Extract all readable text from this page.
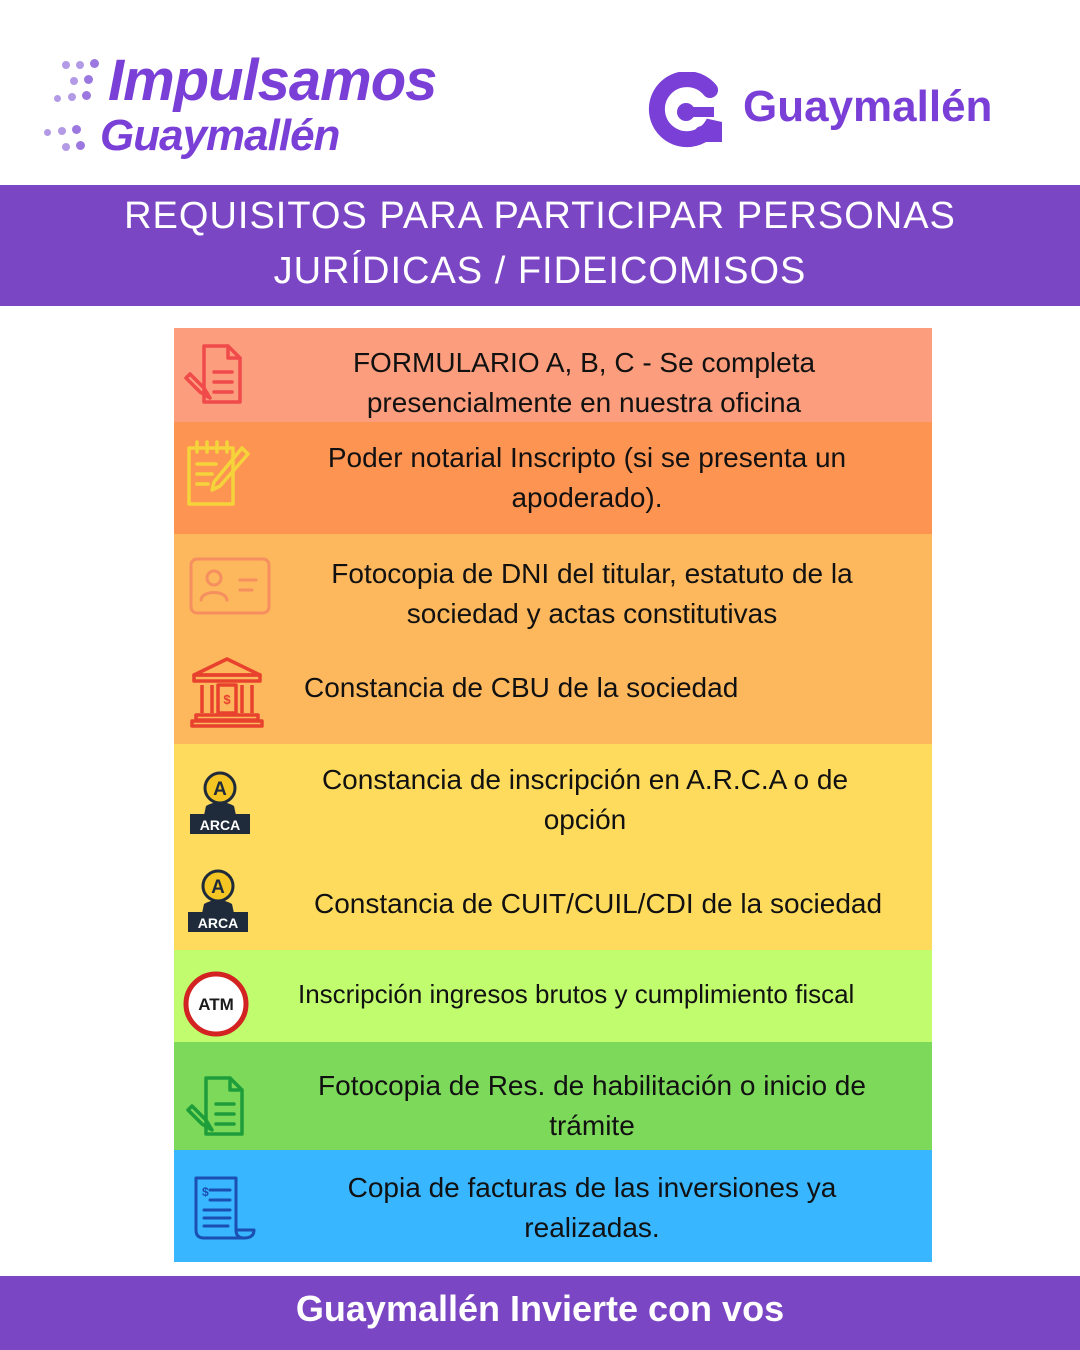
Impulsamos
Guaymallén
Guaymallén
REQUISITOS PARA PARTICIPAR PERSONAS
JURÍDICAS / FIDEICOMISOS
FORMULARIO A, B, C - Se completa presencialmente en nuestra oficina
Poder notarial Inscripto (si se presenta un apoderado).
Fotocopia de DNI del titular, estatuto de la sociedad y actas constitutivas
$	Constancia de CBU de la sociedad
A
ARCA
Constancia de inscripción en A.R.C.A o de opción
A
ARCA
Constancia de CUIT/CUIL/CDI de la sociedad
ATM Inscripción ingresos brutos y cumplimiento fiscal
Fotocopia de Res. de habilitación o inicio de trámite
$	Copia de facturas de las inversiones ya realizadas.
Guaymallén Invierte con vos
